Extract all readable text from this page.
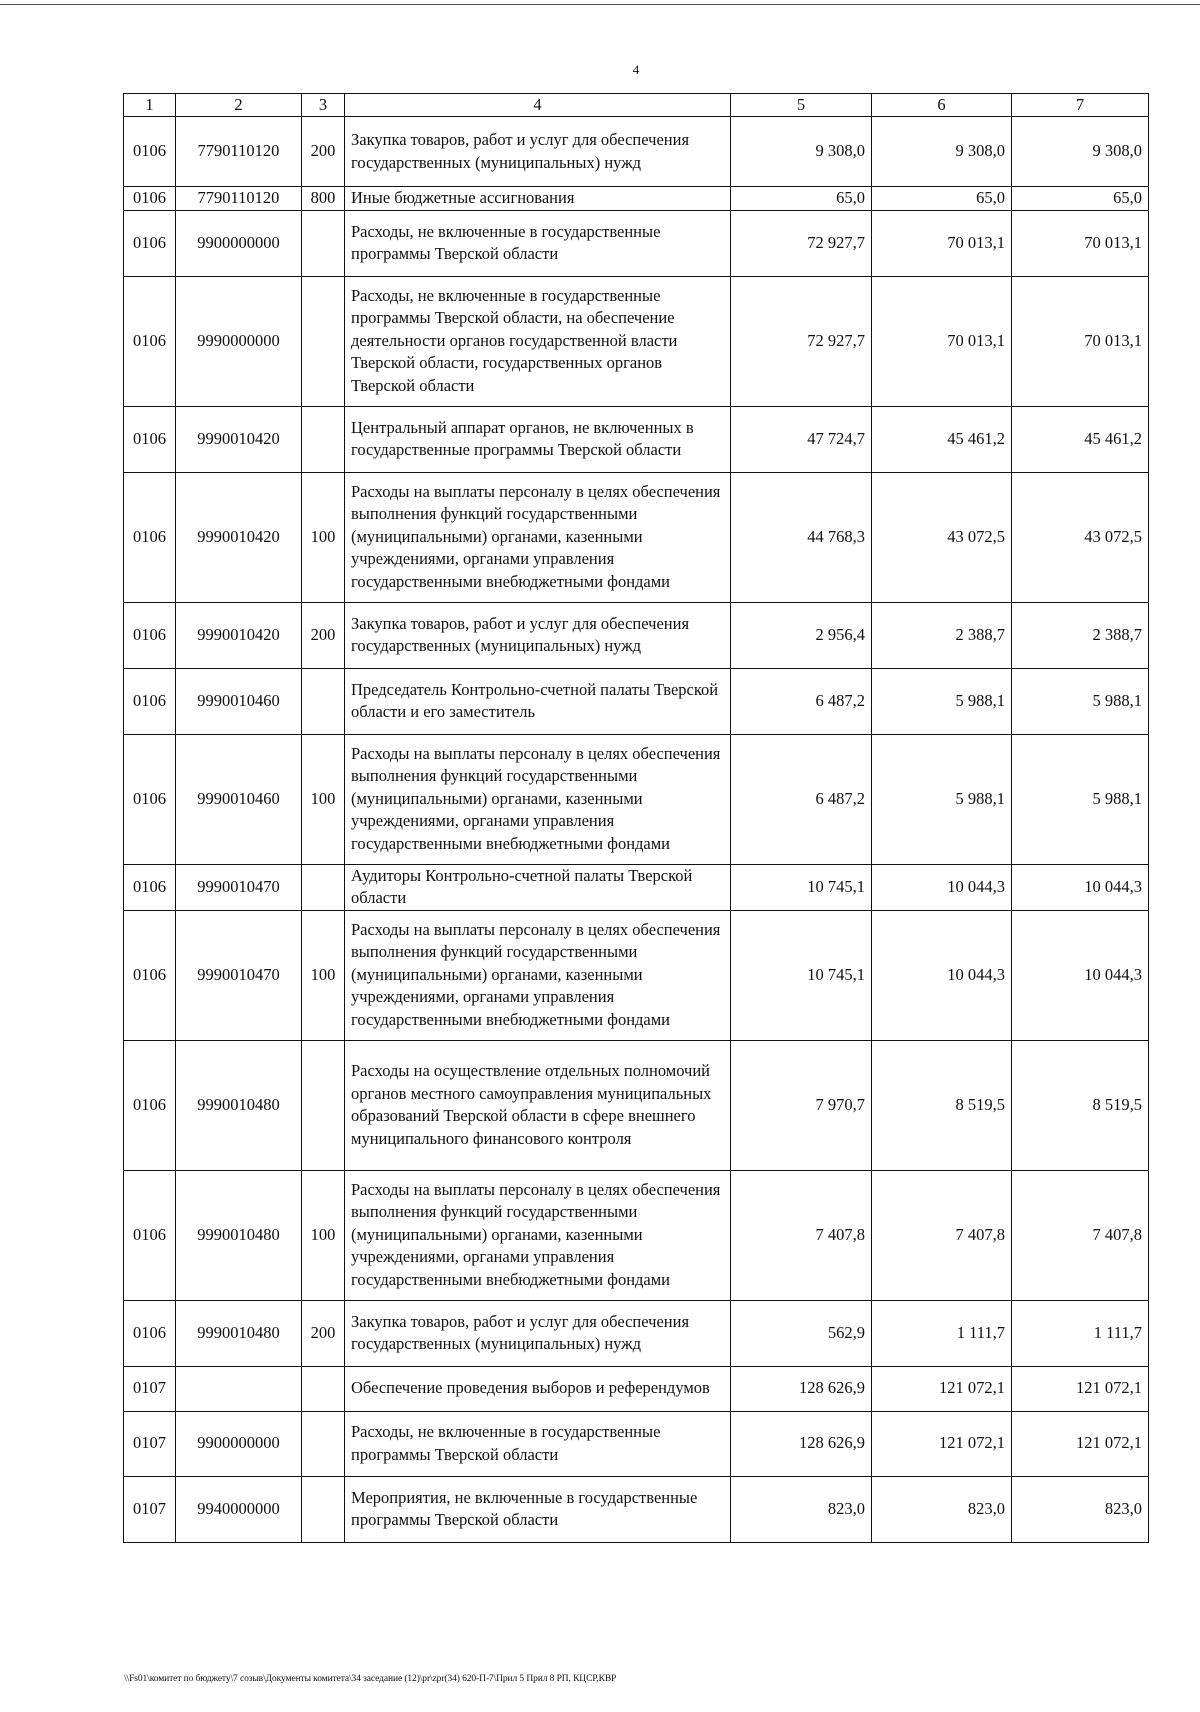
4
1	2	3	4	5	6	7
0106	7790110120	200	Закупка товаров, работ и услуг для обеспечения государственных (муниципальных) нужд	9 308,0	9 308,0	9 308,0
0106	7790110120	800	Иные бюджетные ассигнования	65,0	65,0	65,0
0106	9900000000		Расходы, не включенные в государственные программы Тверской области	72 927,7	70 013,1	70 013,1
0106	9990000000		Расходы, не включенные в государственные программы Тверской области, на обеспечение деятельности органов государственной власти Тверской области, государственных органов Тверской области	72 927,7	70 013,1	70 013,1
0106	9990010420		Центральный аппарат органов, не включенных в государственные программы Тверской области	47 724,7	45 461,2	45 461,2
0106	9990010420	100	Расходы на выплаты персоналу в целях обеспечения выполнения функций государственными (муниципальными) органами, казенными учреждениями, органами управления государственными внебюджетными фондами	44 768,3	43 072,5	43 072,5
0106	9990010420	200	Закупка товаров, работ и услуг для обеспечения государственных (муниципальных) нужд	2 956,4	2 388,7	2 388,7
0106	9990010460		Председатель Контрольно-счетной палаты Тверской области и его заместитель	6 487,2	5 988,1	5 988,1
0106	9990010460	100	Расходы на выплаты персоналу в целях обеспечения выполнения функций государственными (муниципальными) органами, казенными учреждениями, органами управления государственными внебюджетными фондами	6 487,2	5 988,1	5 988,1
0106	9990010470		Аудиторы Контрольно-счетной палаты Тверской области	10 745,1	10 044,3	10 044,3
0106	9990010470	100	Расходы на выплаты персоналу в целях обеспечения выполнения функций государственными (муниципальными) органами, казенными учреждениями, органами управления государственными внебюджетными фондами	10 745,1	10 044,3	10 044,3
0106	9990010480		Расходы на осуществление отдельных полномочий органов местного самоуправления муниципальных образований Тверской области в сфере внешнего муниципального финансового контроля	7 970,7	8 519,5	8 519,5
0106	9990010480	100	Расходы на выплаты персоналу в целях обеспечения выполнения функций государственными (муниципальными) органами, казенными учреждениями, органами управления государственными внебюджетными фондами	7 407,8	7 407,8	7 407,8
0106	9990010480	200	Закупка товаров, работ и услуг для обеспечения государственных (муниципальных) нужд	562,9	1 111,7	1 111,7
0107			Обеспечение проведения выборов и референдумов	128 626,9	121 072,1	121 072,1
0107	9900000000		Расходы, не включенные в государственные программы Тверской области	128 626,9	121 072,1	121 072,1
0107	9940000000		Мероприятия, не включенные в государственные программы Тверской области	823,0	823,0	823,0
\\Fs01\комитет по бюджету\7 созыв\Документы комитета\34 заседание (12)\pr\zpr(34) 620-П-7\Прил 5 Прил 8 РП, КЦСР,КВР
